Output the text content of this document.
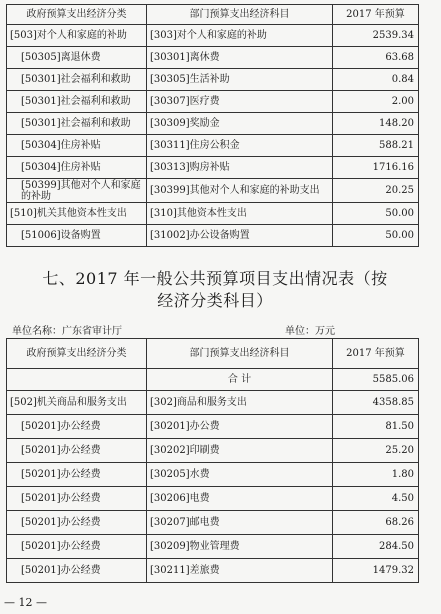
政府预算支出经济分类	部门预算支出经济科目	2017 年预算
[503]对个人和家庭的补助	[303]对个人和家庭的补助	2539.34
[50305]离退休费	[30301]离休费	63.68
[50301]社会福利和救助	[30305]生活补助	0.84
[50301]社会福利和救助	[30307]医疗费	2.00
[50301]社会福利和救助	[30309]奖励金	148.20
[50304]住房补贴	[30311]住房公积金	588.21
[50304]住房补贴	[30313]购房补贴	1716.16
[50399]其他对个人和家庭的补助	[30399]其他对个人和家庭的补助支出	20.25
[510]机关其他资本性支出	[310]其他资本性支出	50.00
[51006]设备购置	[31002]办公设备购置	50.00
七、2017 年一般公共预算项目支出情况表（按
经济分类科目）
单位名称：广东省审计厅	单位：万元
政府预算支出经济分类	部门预算支出经济科目	2017 年预算
	合 计	5585.06
[502]机关商品和服务支出	[302]商品和服务支出	4358.85
[50201]办公经费	[30201]办公费	81.50
[50201]办公经费	[30202]印刷费	25.20
[50201]办公经费	[30205]水费	1.80
[50201]办公经费	[30206]电费	4.50
[50201]办公经费	[30207]邮电费	68.26
[50201]办公经费	[30209]物业管理费	284.50
[50201]办公经费	[30211]差旅费	1479.32
— 12 —
